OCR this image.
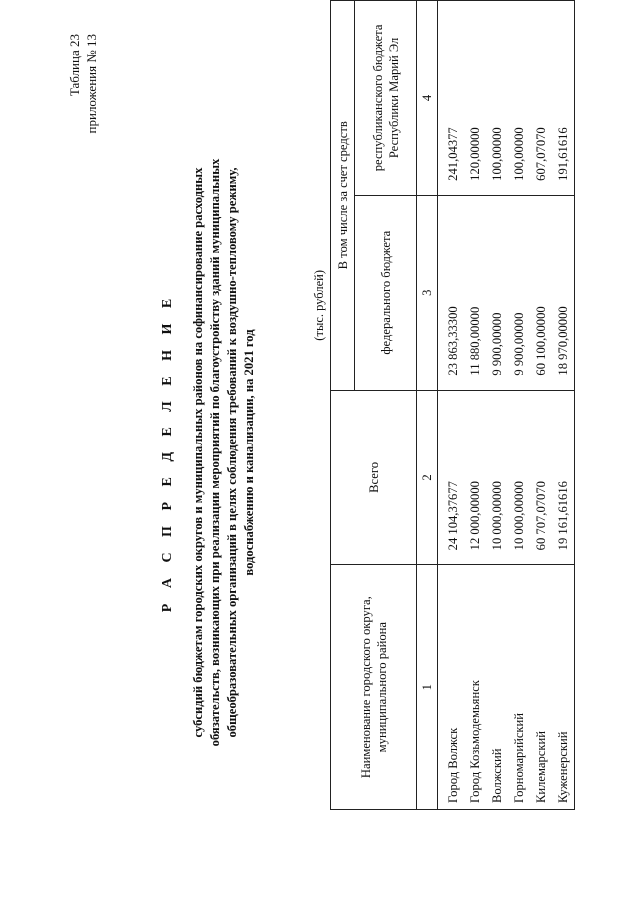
Таблица 23 приложения № 13
Р А С П Р Е Д Е Л Е Н И Е субсидий бюджетам городских округов и муниципальных районов на софинансирование расходных обязательств, возникающих при реализации мероприятий по благоустройству зданий муниципальных общеобразовательных организаций в целях соблюдения требований к воздушно-тепловому режиму, водоснабжению и канализации, на 2021 год
(тыс. рублей)
Наименование городского округа, муниципального района	Всего	В том числе за счет средств	
		федерального бюджета	республиканского бюджета Республики Марий Эл
1	2	3	4
Город Волжск	24 104,37677	23 863,33300	241,04377
Город Козьмодемьянск	12 000,00000	11 880,00000	120,00000
Волжский	10 000,00000	9 900,00000	100,00000
Горномарийский	10 000,00000	9 900,00000	100,00000
Килемарский	60 707,07070	60 100,00000	607,07070
Куженерский	19 161,61616	18 970,00000	191,61616
